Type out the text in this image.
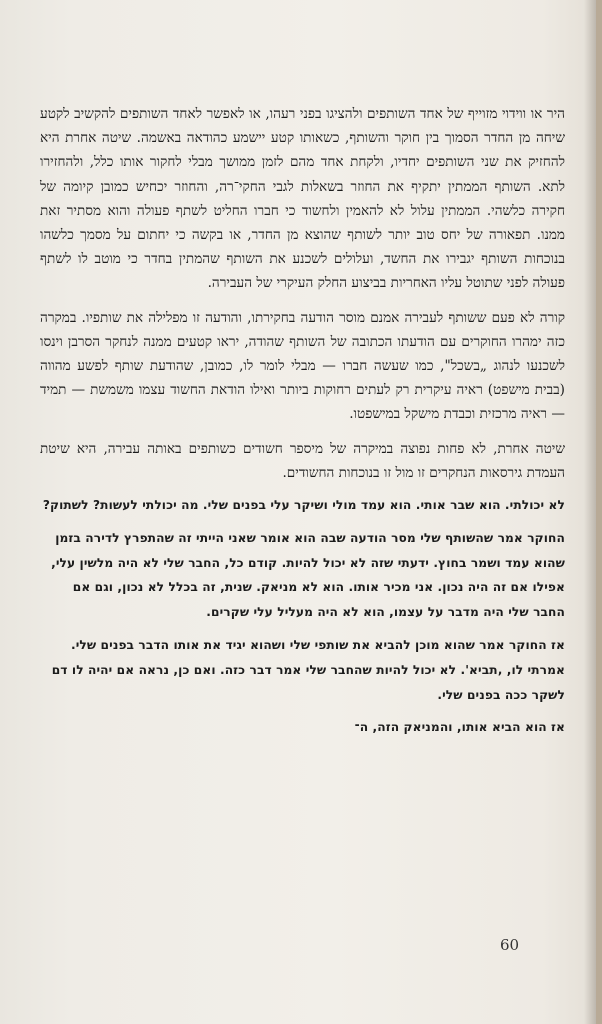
היר או ווידוי מזוייף של אחד השותפים ולהציגו בפני רעהו, או לאפשר לאחד השותפים להקשיב לקטע שיחה מן החדר הסמוך בין חוקר והשותף, כשאותו קטע יישמע כהודאה באשמה. שיטה אחרת היא להחזיק את שני השותפים יחדיו, ולקחת אחד מהם לזמן ממושך מבלי לחקור אותו כלל, ולהחזירו לתא. השותף הממתין יתקיף את החוזר בשאלות לגבי החקי־רה, והחוזר יכחיש כמובן קיומה של חקירה כלשהי. הממתין עלול לא להאמין ולחשוד כי חברו החליט לשתף פעולה והוא מסתיר זאת ממנו. תפאורה של יחס טוב יותר לשותף שהוצא מן החדר, או בקשה כי יחתום על מסמך כלשהו בנוכחות השותף יגבירו את החשד, ועלולים לשכנע את השותף שהמתין בחדר כי מוטב לו לשתף פעולה לפני שתוטל עליו האחריות בביצוע החלק העיקרי של העבירה.

קורה לא פעם ששותף לעבירה אמנם מוסר הודעה בחקירתו, והודעה זו מפלילה את שותפיו. במקרה כזה ימהרו החוקרים עם הודעתו הכתובה של השותף שהודה, יראו קטעים ממנה לנחקר הסרבן וינסו לשכנעו לנהוג „בשכל", כמו שעשה חברו — מבלי לומר לו, כמובן, שהודעת שותף לפשע מהווה (בבית מישפט) ראיה עיקרית רק לעתים רחוקות ביותר ואילו הודאת החשוד עצמו משמשת — תמיד — ראיה מרכזית וכבדת מישקל במישפטו.

שיטה אחרת, לא פחות נפוצה במיקרה של מיספר חשודים כשותפים באותה עבירה, היא שיטת העמדת גירסאות הנחקרים זו מול זו בנוכחות החשודים.

לא יכולתי. הוא שבר אותי. הוא עמד מולי ושיקר עלי בפנים שלי. מה יכולתי לעשות? לשתוק?

החוקר אמר שהשותף שלי מסר הודעה שבה הוא אומר שאני הייתי זה שהתפרץ לדירה בזמן שהוא עמד ושמר בחוץ. ידעתי שזה לא יכול להיות. קודם כל, החבר שלי לא היה מלשין עלי, אפילו אם זה היה נכון. אני מכיר אותו. הוא לא מניאק. שנית, זה בכלל לא נכון, וגם אם החבר שלי היה מדבר על עצמו, הוא לא היה מעליל עלי שקרים.

אז החוקר אמר שהוא מוכן להביא את שותפי שלי ושהוא יגיד את אותו הדבר בפנים שלי. אמרתי לו, ‚תביא'. לא יכול להיות שהחבר שלי אמר דבר כזה. ואם כן, נראה אם יהיה לו דם לשקר ככה בפנים שלי.

אז הוא הביא אותו, והמניאק הזה, ה־

60
